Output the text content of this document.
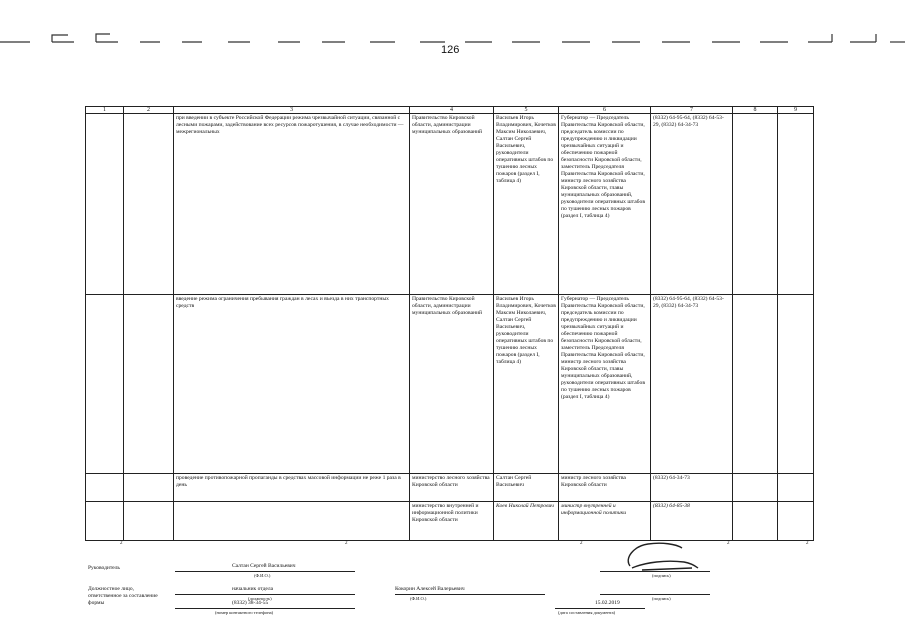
126
1	2	3	4	5	6	7	8	9
		при введении в субъекте Российской Федерации режима чрезвычайной ситуации, связанной с лесными пожарами, задействование всех ресурсов пожаротушения, в случае необходимости — межрегиональных	Правительство Кировской области, администрации муниципальных образований	Васильев Игорь Владимирович, Кочетков Максим Николаевич, Салтан Сергей Васильевич, руководители оперативных штабов по тушению лесных пожаров (раздел I, таблица 4)	Губернатор — Председатель Правительства Кировской области, председатель комиссии по предупреждению и ликвидации чрезвычайных ситуаций и обеспечению пожарной безопасности Кировской области, заместитель Председателя Правительства Кировской области, министр лесного хозяйства Кировской области, главы муниципальных образований, руководители оперативных штабов по тушению лесных пожаров (раздел I, таблица 4)	(8332) 64-95-64, (8332) 64-53-29, (8332) 64-34-73		
		введение режима ограничения пребывания граждан в лесах и въезда в них транспортных средств	Правительство Кировской области, администрации муниципальных образований	Васильев Игорь Владимирович, Кочетков Максим Николаевич, Салтан Сергей Васильевич, руководители оперативных штабов по тушению лесных пожаров (раздел I, таблица 4)	Губернатор — Председатель Правительства Кировской области, председатель комиссии по предупреждению и ликвидации чрезвычайных ситуаций и обеспечению пожарной безопасности Кировской области, заместитель Председателя Правительства Кировской области, министр лесного хозяйства Кировской области, главы муниципальных образований, руководители оперативных штабов по тушению лесных пожаров (раздел I, таблица 4)	(8332) 64-95-64, (8332) 64-53-29, (8332) 64-34-73		
		проведение противопожарной пропаганды в средствах массовой информации не реже 1 раза в день	министерство лесного хозяйства Кировской области	Салтан Сергей Васильевич	министр лесного хозяйства Кировской области	(8332) 64-34-73		
			министерство внутренней и информационной политики Кировской области	Коев Николай Петрович	министр внутренней и информационной политики	(8332) 64-85-38		
2	2	2	2	2
Руководитель	Салтан Сергей Васильевич
(Ф.И.О.)	(подпись)
Должностное лицо, ответственное за составление формы
начальник отдела
(должность)
Кокорин Алексей Валерьевич
(Ф.И.О.)	(подпись)
(8332) 38-34-55
(номер контактного телефона)
15.02.2019
(дата составления документа)
